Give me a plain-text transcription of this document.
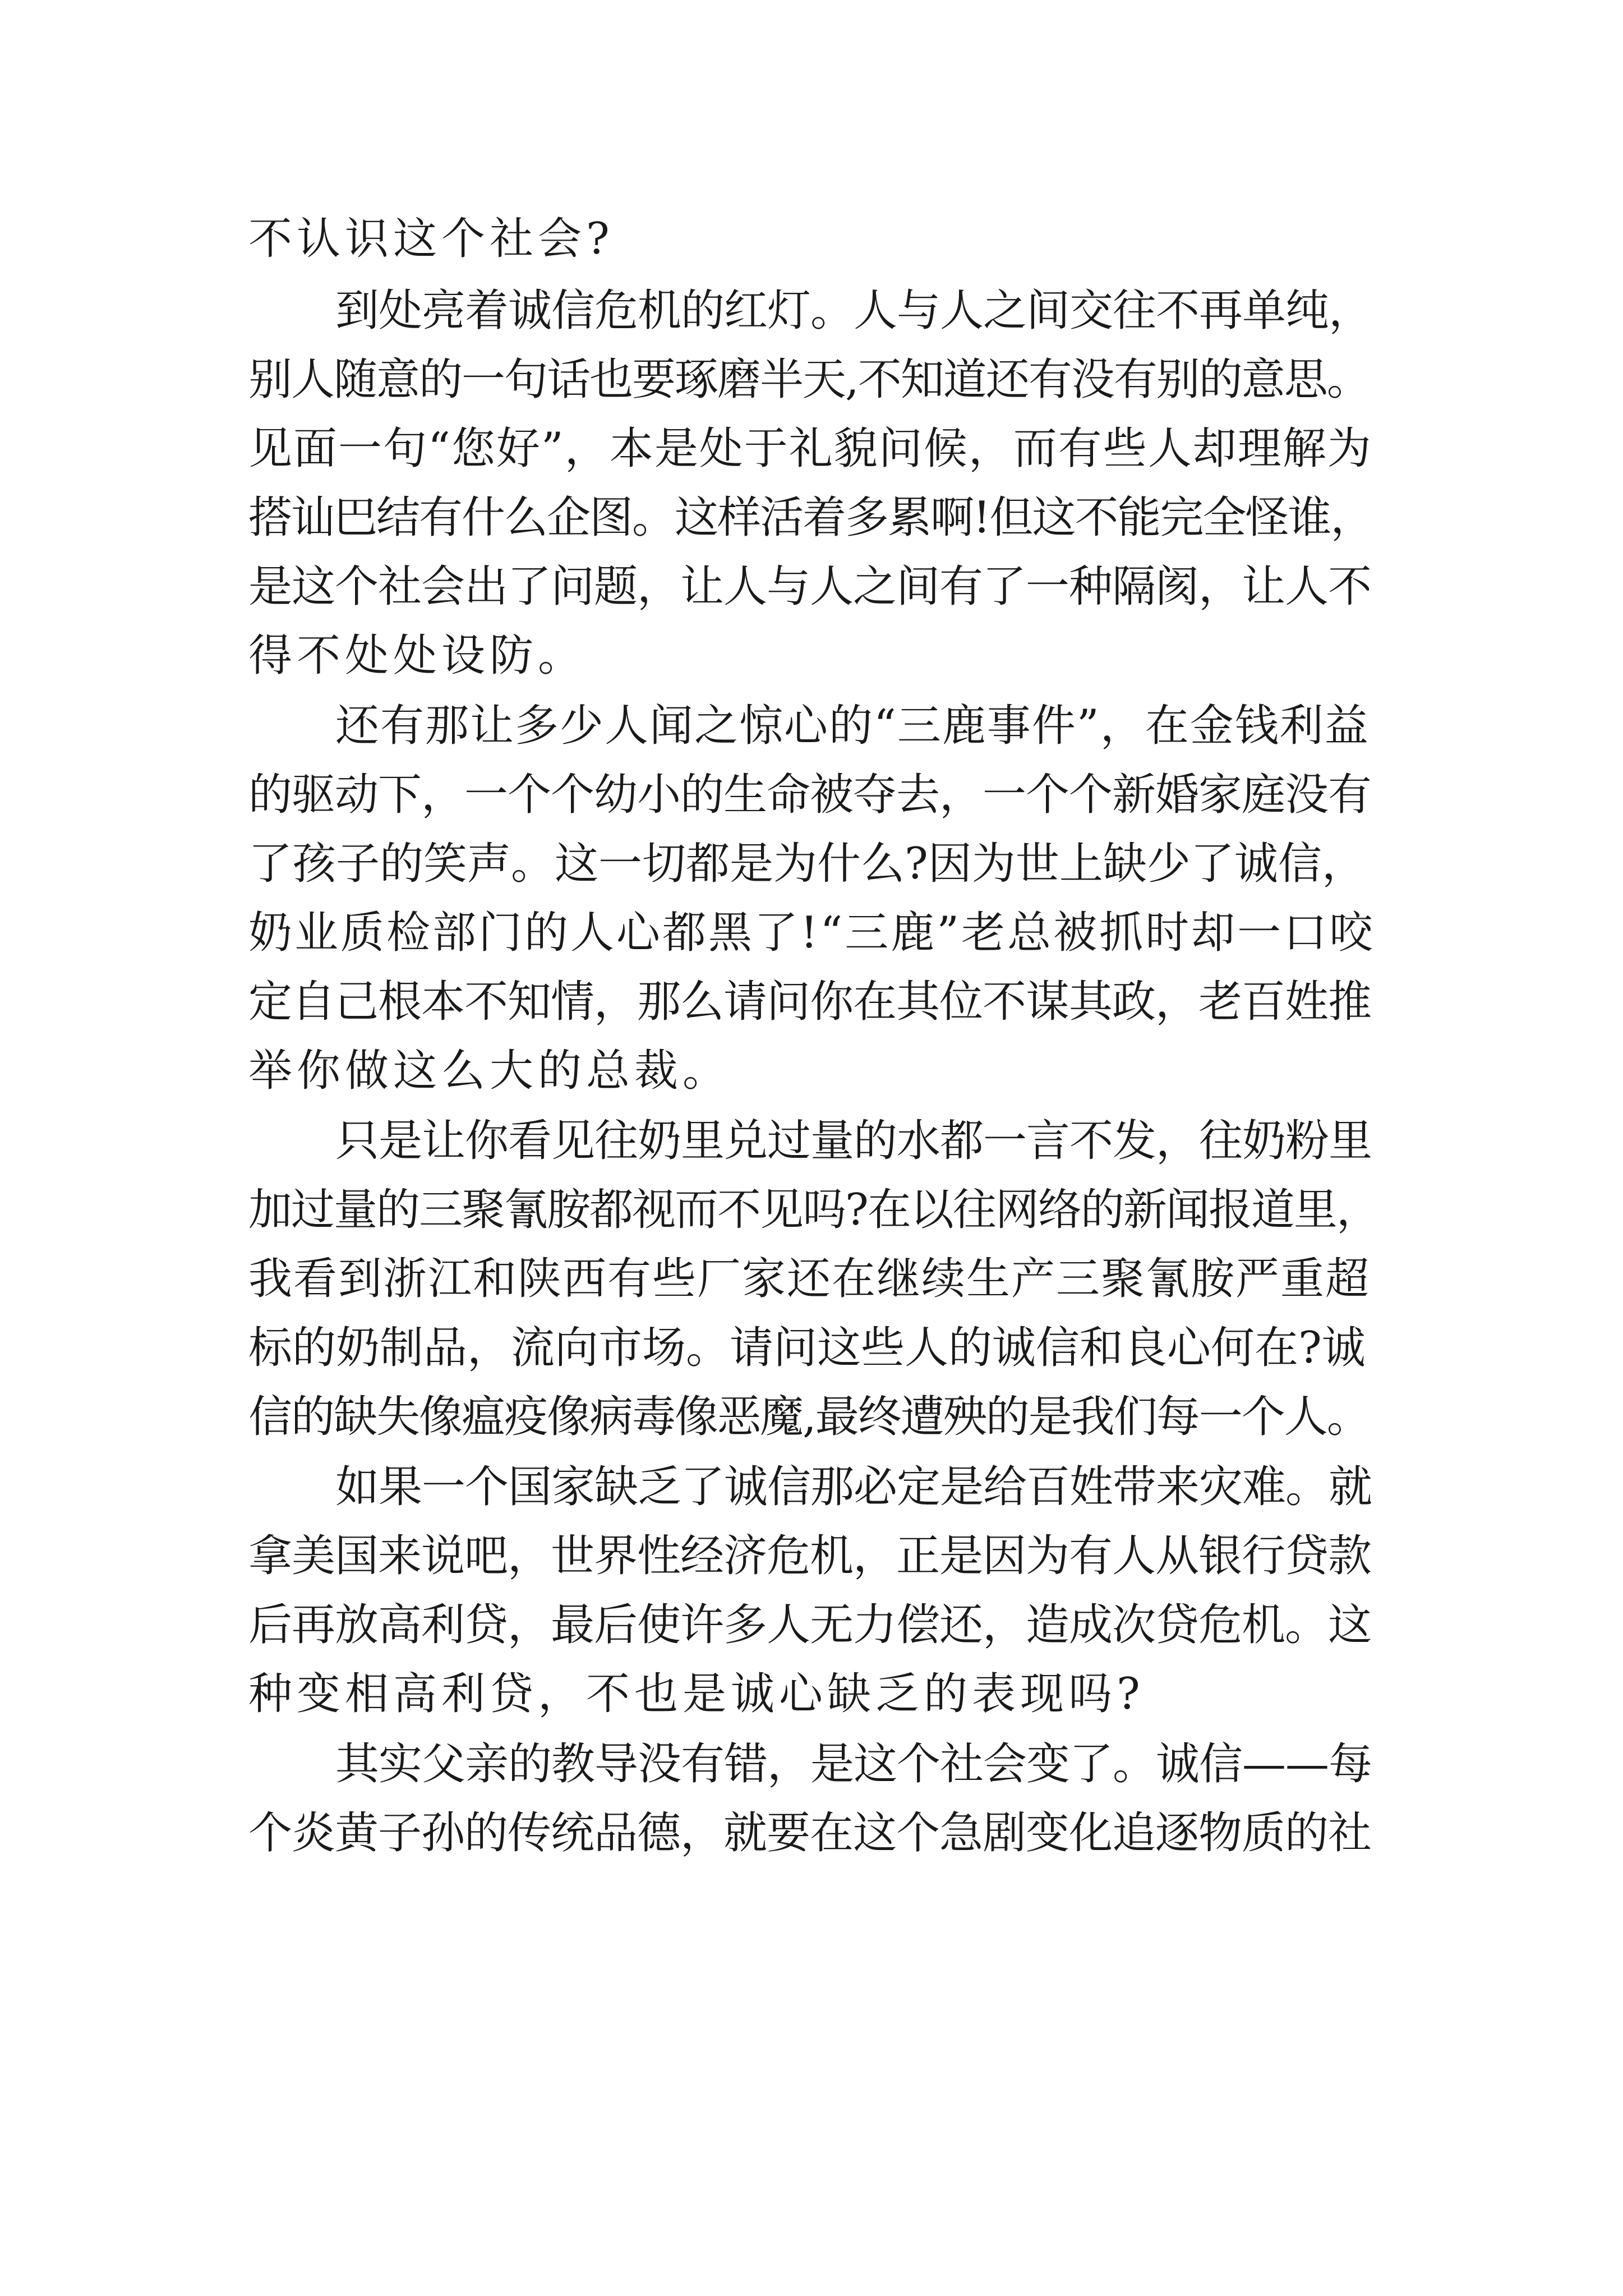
不认识这个社会?
到处亮着诚信危机的红灯。人与人之间交往不再单纯，
别人随意的一句话也要琢磨半天,不知道还有没有别的意思。
见面一句“您好”，本是处于礼貌问候，而有些人却理解为
搭讪巴结有什么企图。这样活着多累啊!但这不能完全怪谁，
是这个社会出了问题，让人与人之间有了一种隔阂，让人不
得不处处设防。
还有那让多少人闻之惊心的“三鹿事件”，在金钱利益
的驱动下，一个个幼小的生命被夺去，一个个新婚家庭没有
了孩子的笑声。这一切都是为什么?因为世上缺少了诚信，
奶业质检部门的人心都黑了!“三鹿”老总被抓时却一口咬
定自己根本不知情，那么请问你在其位不谋其政，老百姓推
举你做这么大的总裁。
只是让你看见往奶里兑过量的水都一言不发，往奶粉里
加过量的三聚氰胺都视而不见吗?在以往网络的新闻报道里，
我看到浙江和陕西有些厂家还在继续生产三聚氰胺严重超
标的奶制品，流向市场。请问这些人的诚信和良心何在?诚
信的缺失像瘟疫像病毒像恶魔,最终遭殃的是我们每一个人。
如果一个国家缺乏了诚信那必定是给百姓带来灾难。就
拿美国来说吧，世界性经济危机，正是因为有人从银行贷款
后再放高利贷，最后使许多人无力偿还，造成次贷危机。这
种变相高利贷，不也是诚心缺乏的表现吗?
其实父亲的教导没有错，是这个社会变了。诚信——每
个炎黄子孙的传统品德，就要在这个急剧变化追逐物质的社
